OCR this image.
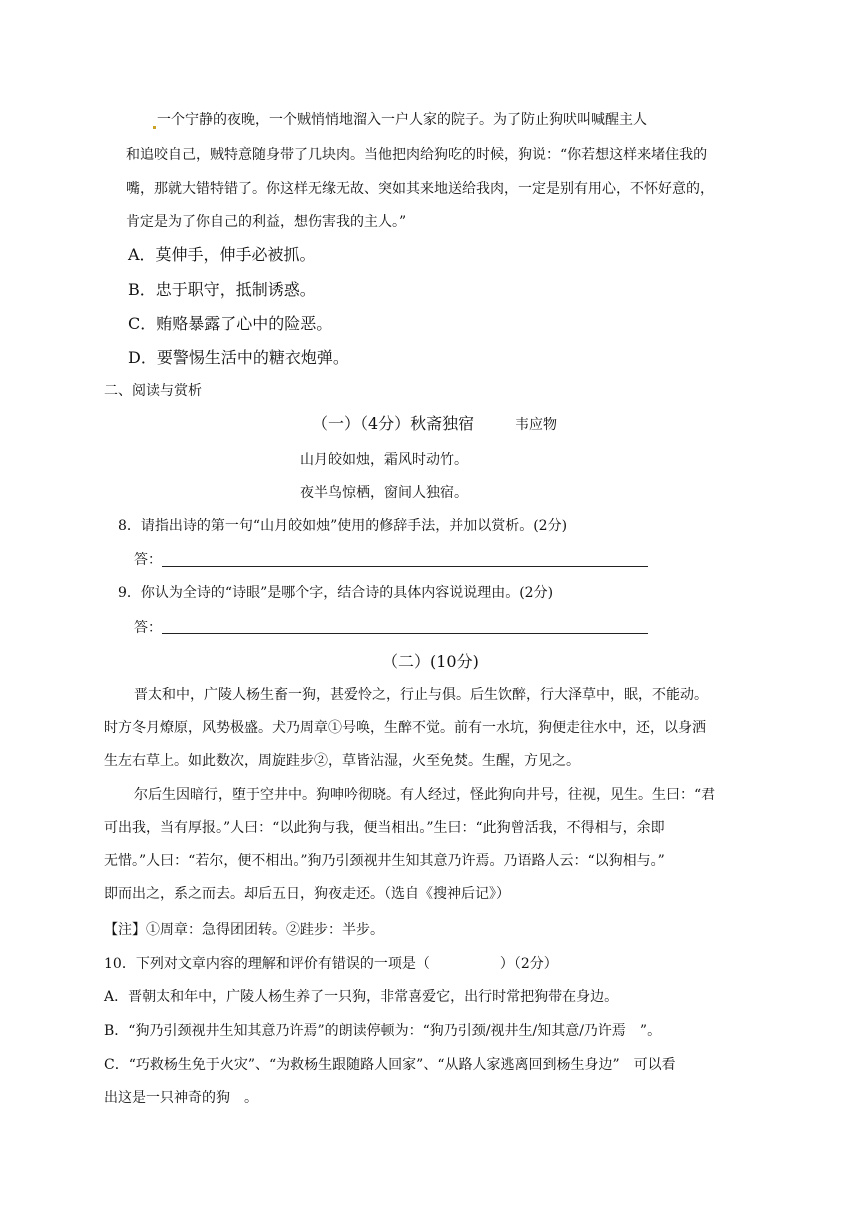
一个宁静的夜晚，一个贼悄悄地溜入一户人家的院子。为了防止狗吠叫喊醒主人
和追咬自己，贼特意随身带了几块肉。当他把肉给狗吃的时候，狗说：“你若想这样来堵住我的
嘴，那就大错特错了。你这样无缘无故、突如其来地送给我肉，一定是别有用心，不怀好意的，
肯定是为了你自己的利益，想伤害我的主人。”
A．莫伸手，伸手必被抓。
B．忠于职守，抵制诱惑。
C．贿赂暴露了心中的险恶。
D．要警惕生活中的糖衣炮弹。
二、阅读与赏析
（一）（4分）秋斋独宿	韦应物
山月皎如烛，霜风时动竹。
夜半鸟惊栖，窗间人独宿。
8．请指出诗的第一句“山月皎如烛”使用的修辞手法，并加以赏析。(2分)
答：
9．你认为全诗的“诗眼”是哪个字，结合诗的具体内容说说理由。(2分)
答：
（二）(10分)
晋太和中，广陵人杨生畜一狗，甚爱怜之，行止与俱。后生饮醉，行大泽草中，眠，不能动。
时方冬月燎原，风势极盛。犬乃周章①号唤，生醉不觉。前有一水坑，狗便走往水中，还，以身洒
生左右草上。如此数次，周旋跬步②，草皆沾湿，火至免焚。生醒，方见之。
尔后生因暗行，堕于空井中。狗呻吟彻晓。有人经过，怪此狗向井号，往视，见生。生曰：“君
可出我，当有厚报。”人曰：“以此狗与我，便当相出。”生曰：“此狗曾活我，不得相与，余即
无惜。”人曰：“若尔，便不相出。”狗乃引颈视井生知其意乃许焉。乃语路人云：“以狗相与。”
即而出之，系之而去。却后五日，狗夜走还。（选自《搜神后记》）
【注】①周章：急得团团转。②跬步：半步。
10．下列对文章内容的理解和评价有错误的一项是（	）（2分）
A．晋朝太和年中，广陵人杨生养了一只狗，非常喜爱它，出行时常把狗带在身边。
B．“狗乃引颈视井生知其意乃许焉”的朗读停顿为：“狗乃引颈/视井生/知其意/乃许焉　”。
C．“巧救杨生免于火灾”、“为救杨生跟随路人回家”、“从路人家逃离回到杨生身边”　可以看
出这是一只神奇的狗　。
